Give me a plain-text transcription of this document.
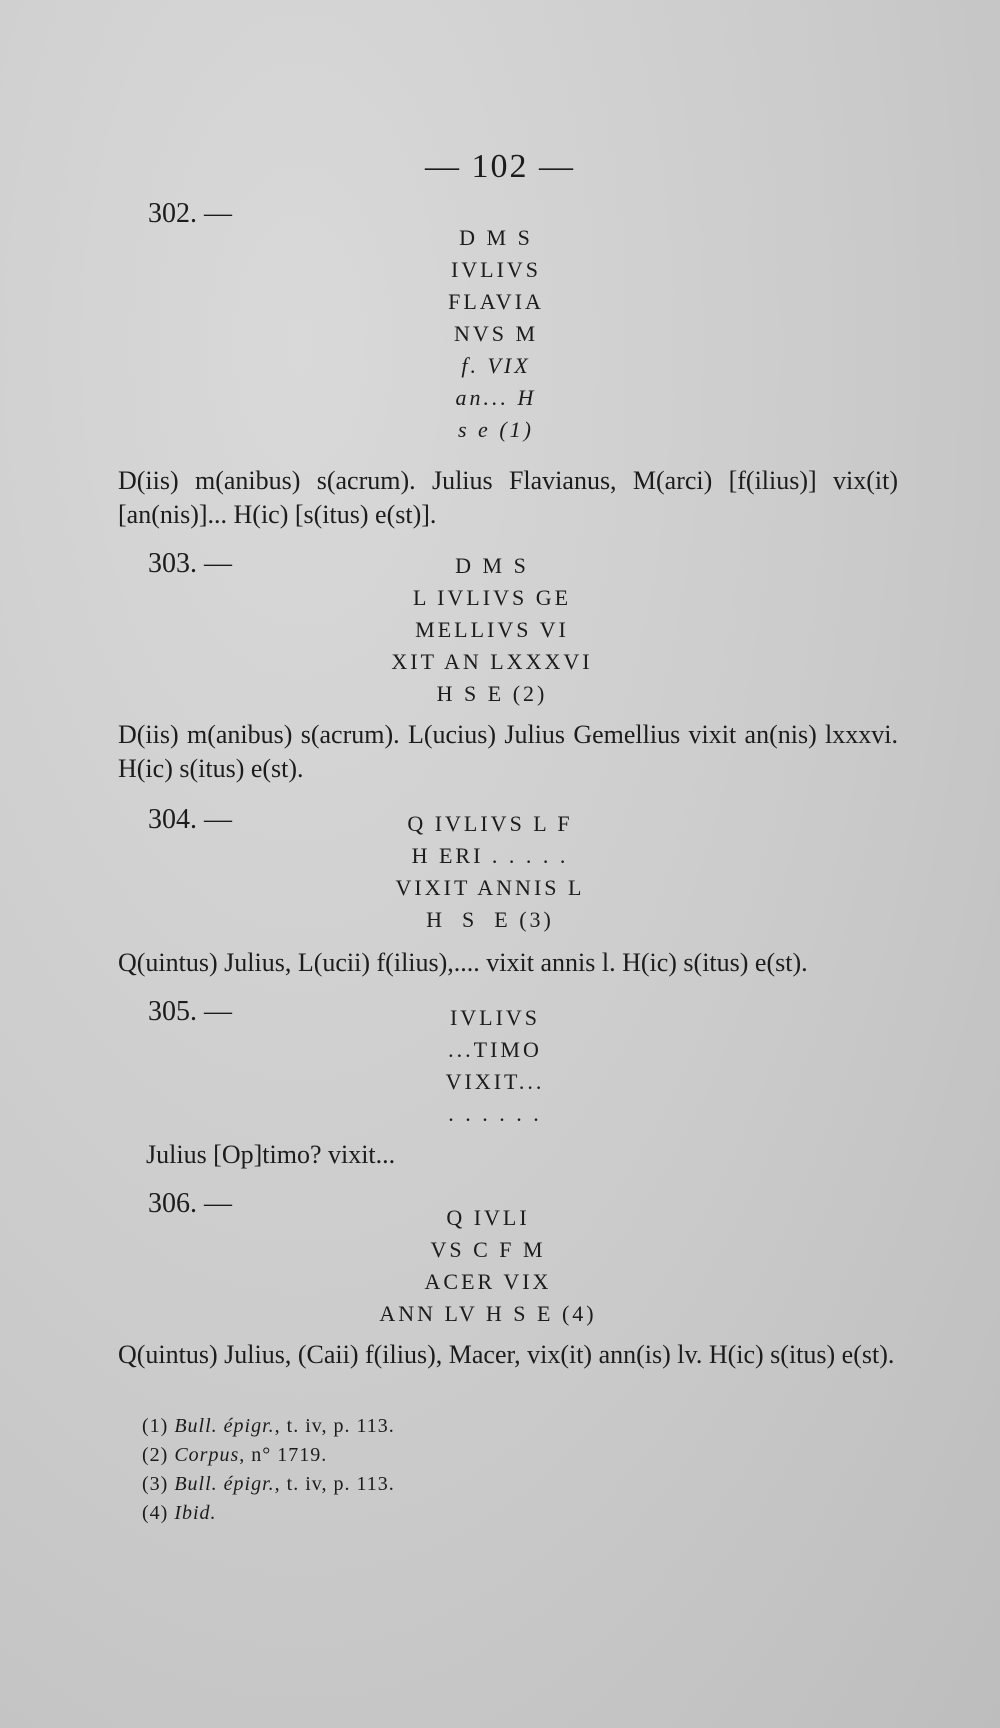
— 102 —
302. —
D M S
IVLIVS
FLAVIA
NVS M
f. VIX
an... H
s e (1)
D(iis) m(anibus) s(acrum). Julius Flavianus, M(arci) [f(ilius)] vix(it) [an(nis)]... H(ic) [s(itus) e(st)].
303. —	D M S
L IVLIVS GE
MELLIVS VI
XIT AN LXXXVI
H S E (2)
D(iis) m(anibus) s(acrum). L(ucius) Julius Gemellius vixit an(nis) lxxxvi. H(ic) s(itus) e(st).
304. —	Q IVLIVS L F
H ERI . . . . .
VIXIT ANNIS L
H  S  E (3)
Q(uintus) Julius, L(ucii) f(ilius),.... vixit annis l. H(ic) s(itus) e(st).
305. —	IVLIVS
...TIMO
VIXIT...
. . . . . .
Julius [Op]timo? vixit...
306. —	Q IVLI
VS C F M
ACER VIX
ANN LV H S E (4)
Q(uintus) Julius, (Caii) f(ilius), Macer, vix(it) ann(is) lv. H(ic) s(itus) e(st).
(1) Bull. épigr., t. iv, p. 113.
(2) Corpus, n° 1719.
(3) Bull. épigr., t. iv, p. 113.
(4) Ibid.
